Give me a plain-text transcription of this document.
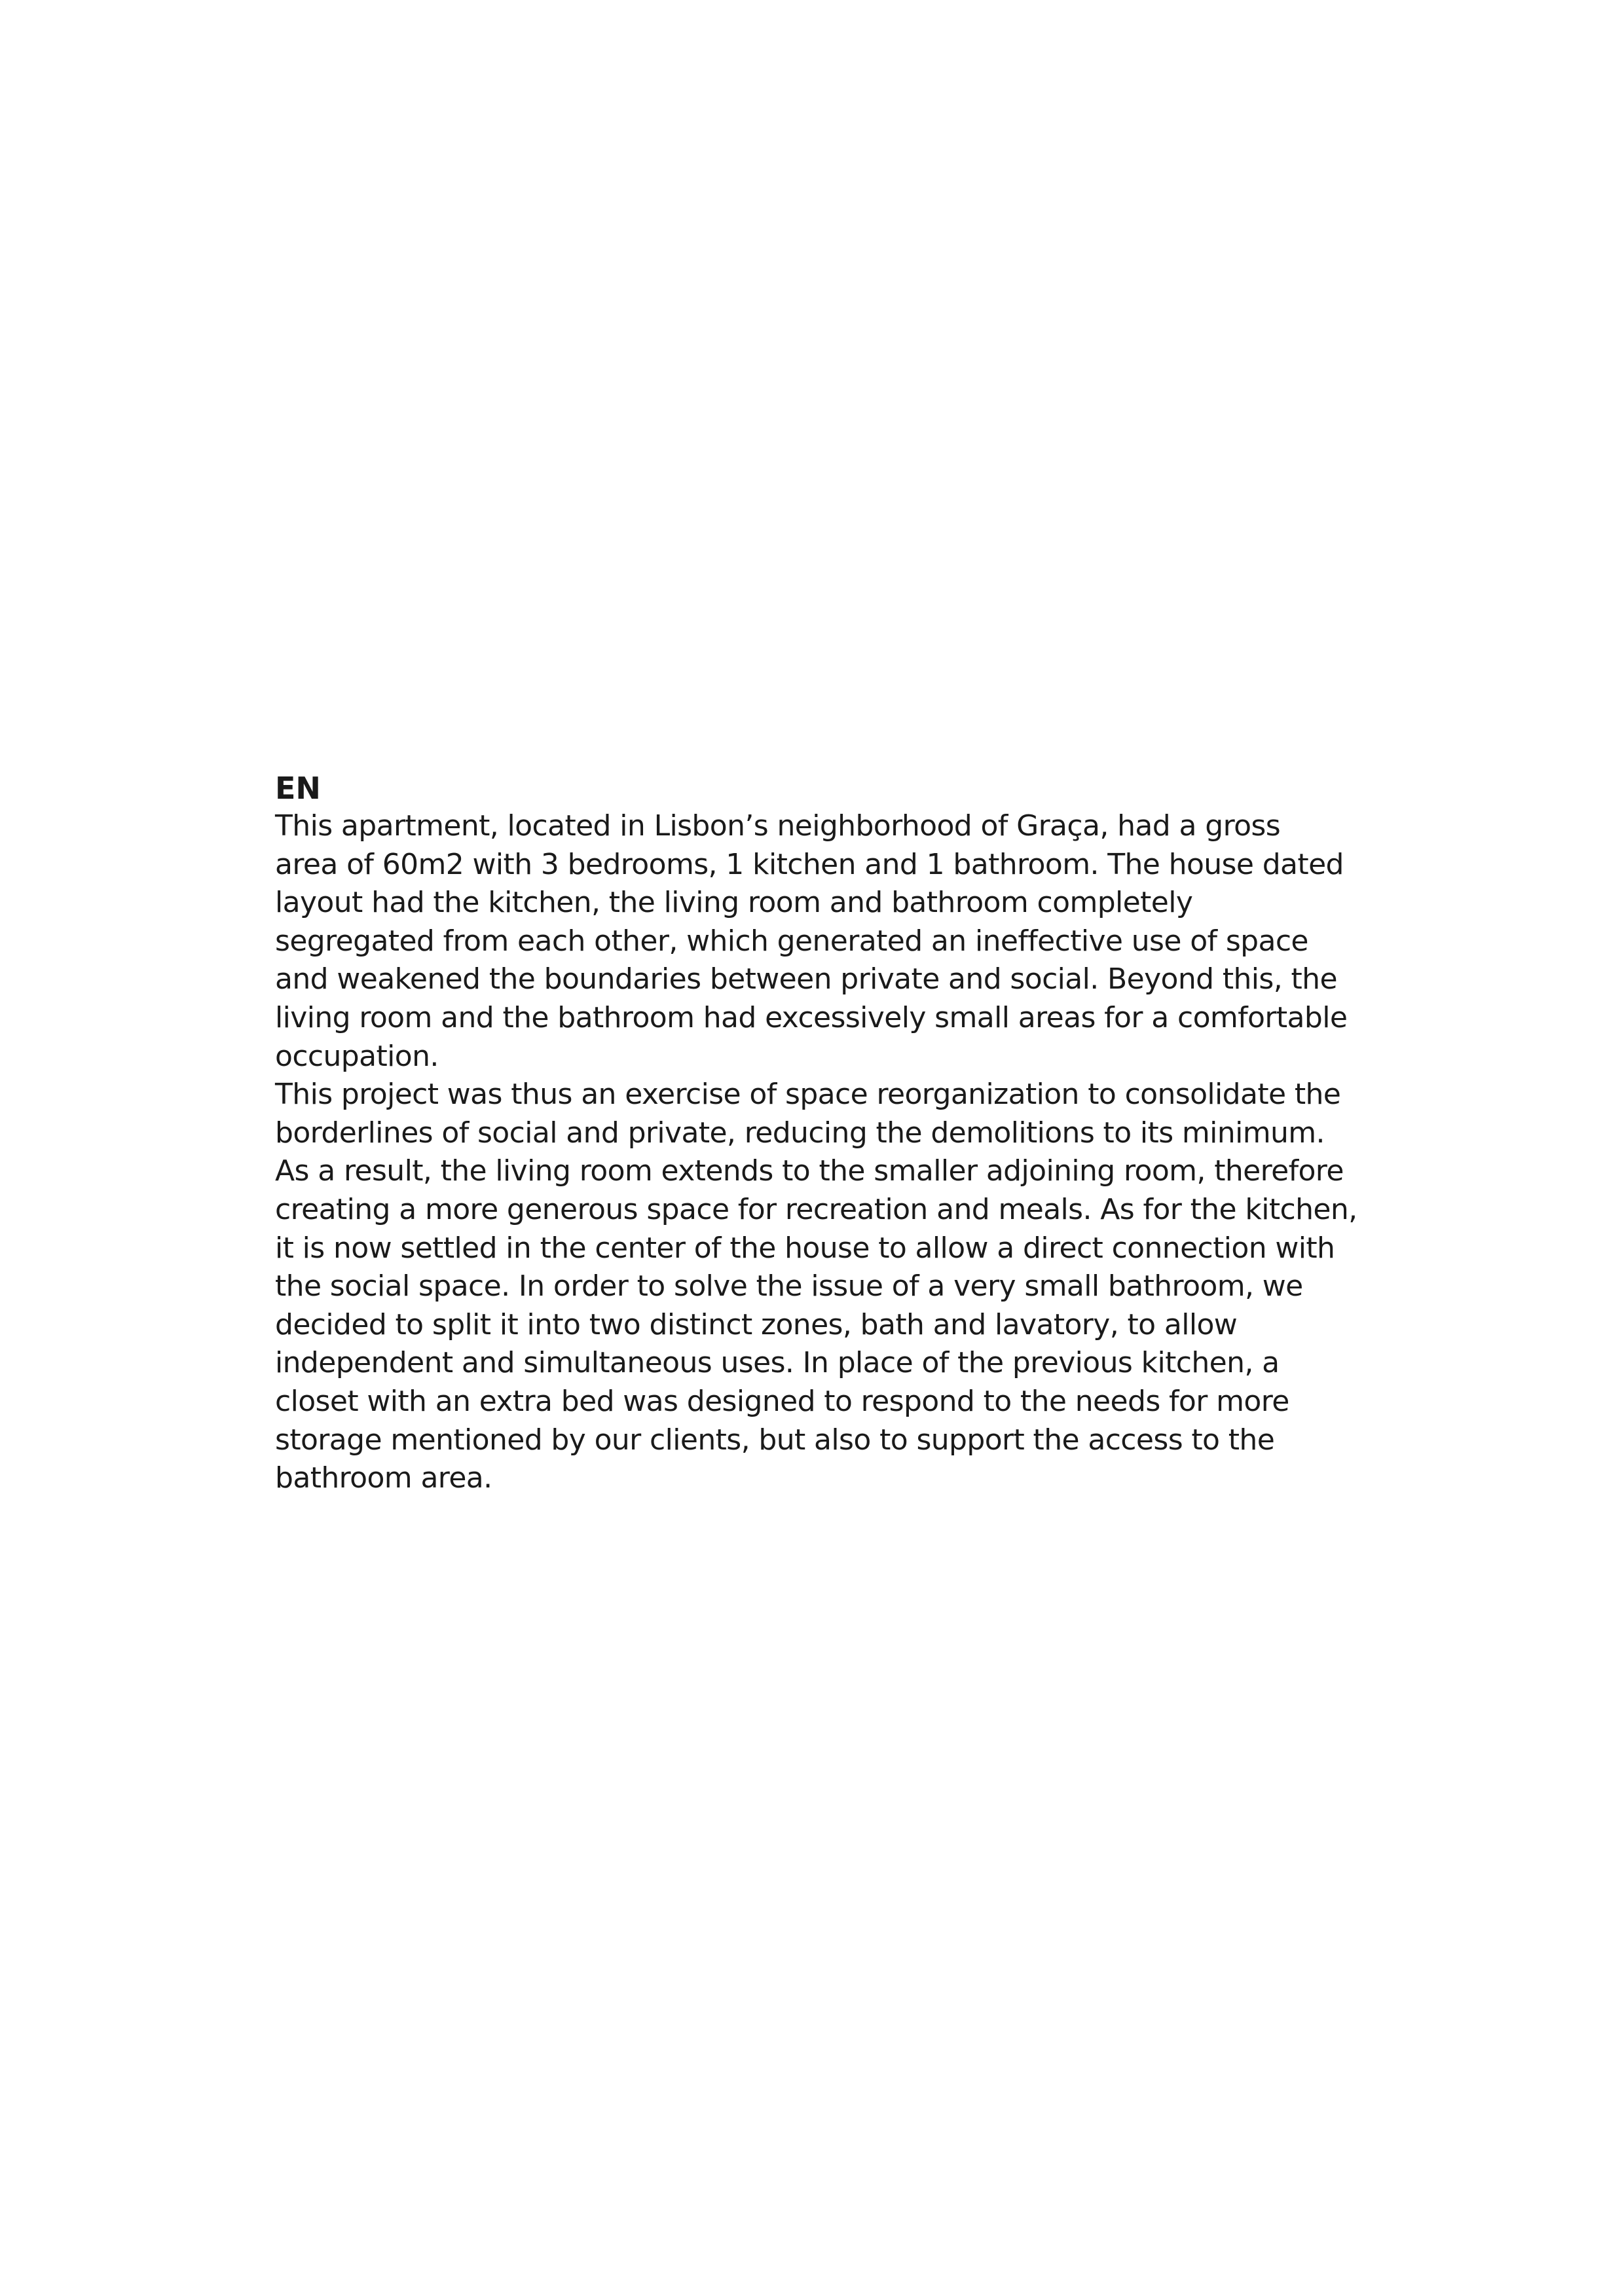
EN

This apartment, located in Lisbon’s neighborhood of Graça, had a gross

area of 60m2 with 3 bedrooms, 1 kitchen and 1 bathroom. The house dated

layout had the kitchen, the living room and bathroom completely

segregated from each other, which generated an ineffective use of space

and weakened the boundaries between private and social. Beyond this, the

living room and the bathroom had excessively small areas for a comfortable

occupation.

This project was thus an exercise of space reorganization to consolidate the

borderlines of social and private, reducing the demolitions to its minimum.

As a result, the living room extends to the smaller adjoining room, therefore

creating a more generous space for recreation and meals. As for the kitchen,

it is now settled in the center of the house to allow a direct connection with

the social space. In order to solve the issue of a very small bathroom, we

decided to split it into two distinct zones, bath and lavatory, to allow

independent and simultaneous uses. In place of the previous kitchen, a

closet with an extra bed was designed to respond to the needs for more

storage mentioned by our clients, but also to support the access to the

bathroom area.
